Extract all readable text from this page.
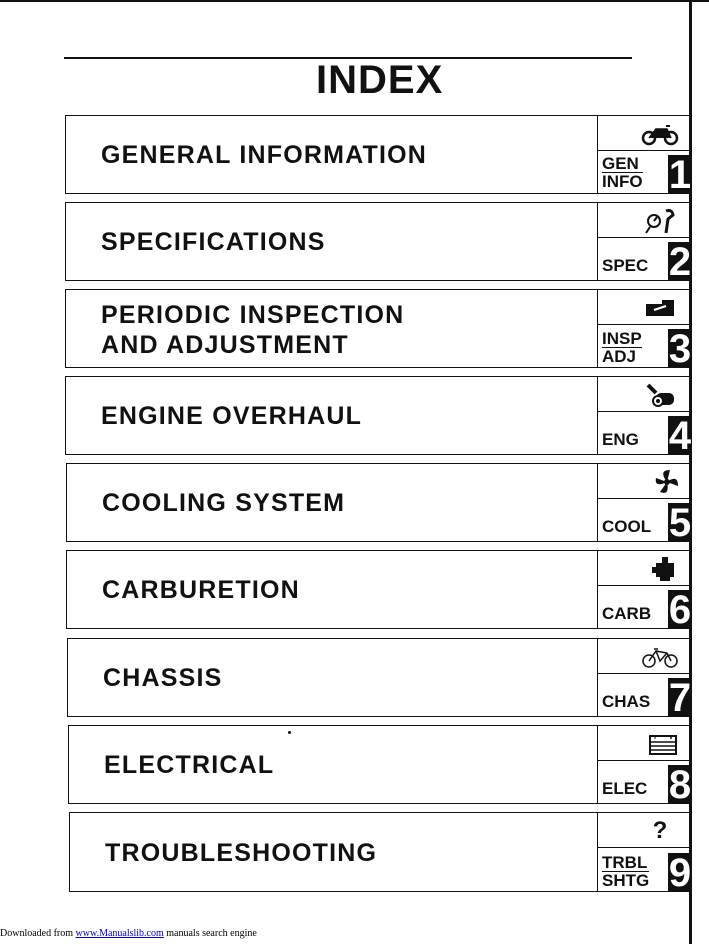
INDEX
GENERAL INFORMATION	GEN
INFO 1
SPECIFICATIONS
SPEC 2
PERIODIC INSPECTION
AND ADJUSTMENT	INSP
ADJ 3
ENGINE OVERHAUL
ENG 4
COOLING SYSTEM
COOL 5
CARBURETION
CARB 6
CHASSIS
CHAS 7
ELECTRICAL
ELEC 8
TROUBLESHOOTING
?
TRBL
SHTG 9
Downloaded from www.Manualslib.com manuals search engine
